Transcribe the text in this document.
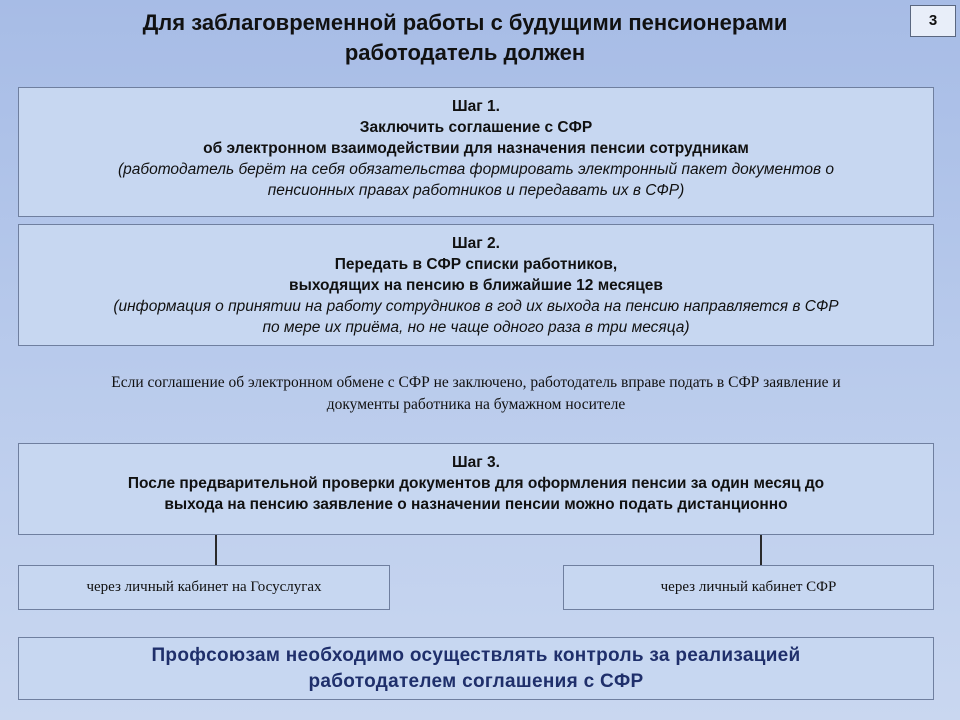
Для заблаговременной работы с будущими пенсионерами
работодатель должен
3
Шаг 1.
Заключить соглашение с СФР
об электронном взаимодействии для назначения пенсии сотрудникам
(работодатель берёт на себя обязательства формировать электронный пакет документов о
пенсионных правах работников и передавать их в СФР)
Шаг 2.
Передать в СФР списки работников,
выходящих на пенсию в ближайшие 12 месяцев
(информация о принятии на работу сотрудников в год их выхода на пенсию направляется в СФР
по мере их приёма, но не чаще одного раза в три месяца)
Если соглашение об электронном обмене с СФР не заключено, работодатель вправе подать в СФР заявление и
документы работника на бумажном носителе
Шаг 3.
После предварительной проверки документов для оформления пенсии за один месяц до
выхода на пенсию заявление о назначении пенсии можно подать дистанционно
через личный кабинет на Госуслугах	через личный кабинет СФР
Профсоюзам необходимо осуществлять контроль за реализацией
работодателем соглашения с СФР
